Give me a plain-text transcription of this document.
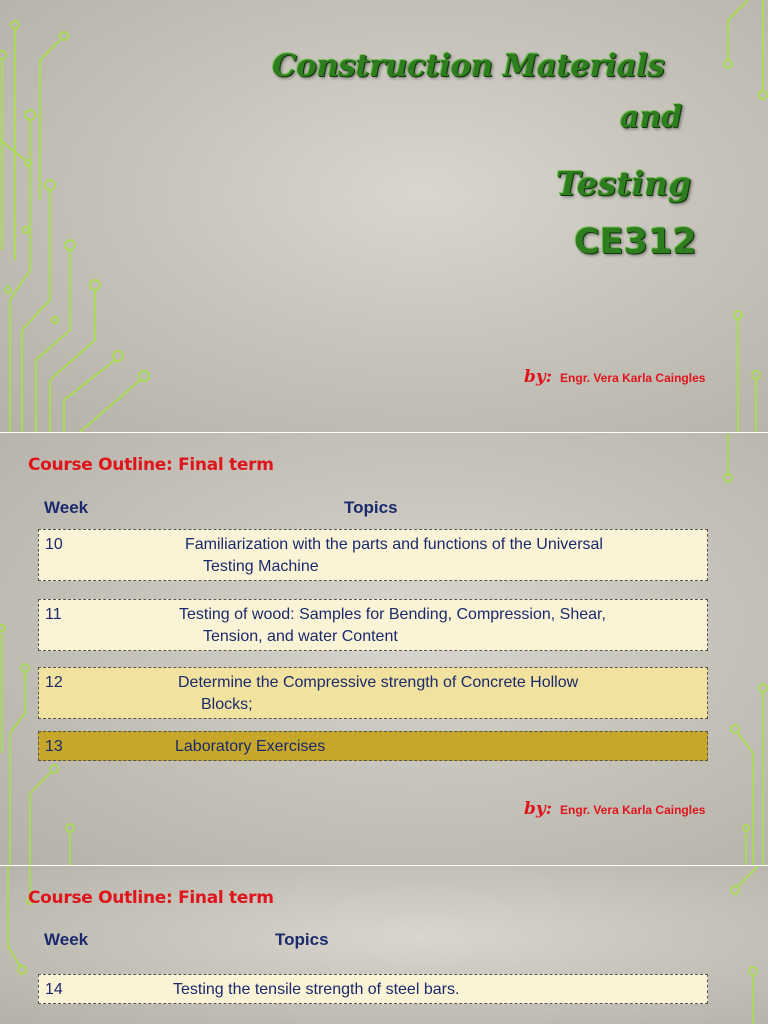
Construction Materials
and
Testing
CE312
by: Engr. Vera Karla Caingles
Course Outline: Final term
Week	Topics
10	Familiarization with the parts and functions of the Universal
Testing Machine
11	Testing of wood: Samples for Bending, Compression, Shear,
Tension, and water Content
12	Determine the Compressive strength of Concrete Hollow
Blocks;
13	Laboratory Exercises
by: Engr. Vera Karla Caingles
Course Outline: Final term
Week	Topics
14	Testing the tensile strength of steel bars.
